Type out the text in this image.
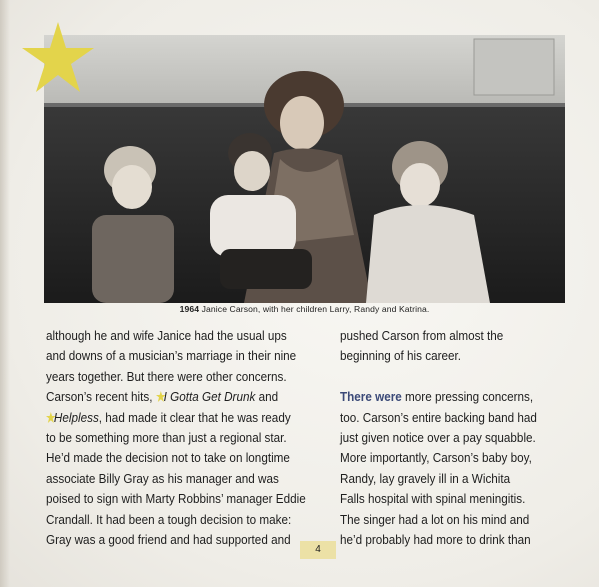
1964 Janice Carson, with her children Larry, Randy and Katrina.

although he and wife Janice had the usual ups

and downs of a musician’s marriage in their nine

years together. But there were other concerns.

Carson’s recent hits, I Gotta Get Drunk and

Helpless, had made it clear that he was ready

to be something more than just a regional star.

He’d made the decision not to take on longtime

associate Billy Gray as his manager and was

poised to sign with Marty Robbins’ manager Eddie

Crandall. It had been a tough decision to make:

Gray was a good friend and had supported and

pushed Carson from almost the

beginning of his career.

There were more pressing concerns,

too. Carson’s entire backing band had

just given notice over a pay squabble.

More importantly, Carson’s baby boy,

Randy, lay gravely ill in a Wichita

Falls hospital with spinal meningitis.

The singer had a lot on his mind and

he’d probably had more to drink than

4
